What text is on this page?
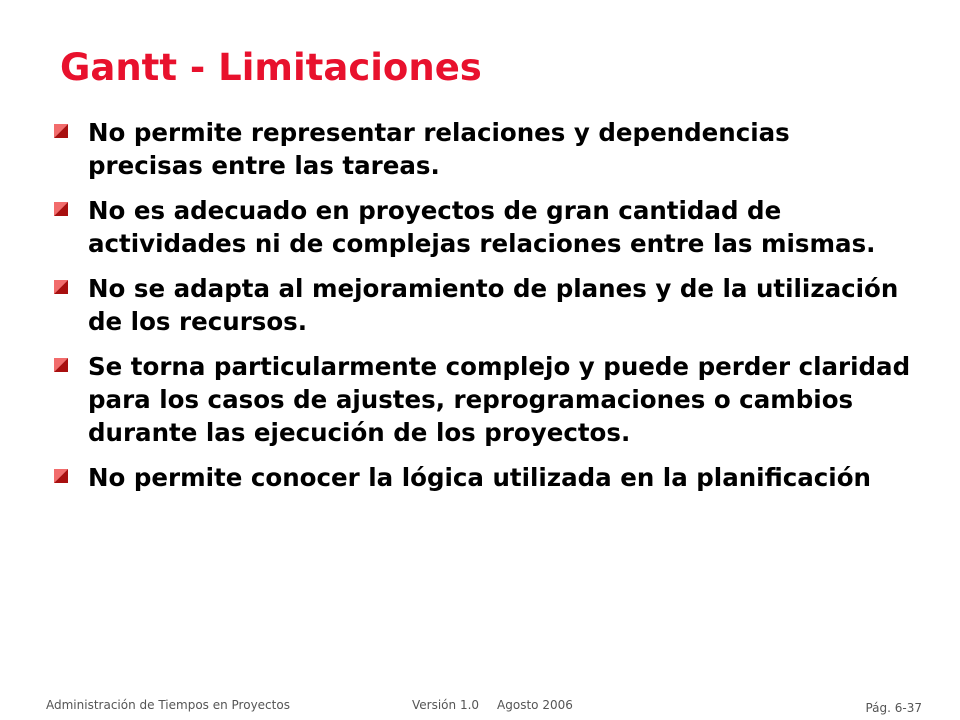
Gantt - Limitaciones
No permite representar relaciones y dependencias precisas entre las tareas.
No es adecuado en proyectos de gran cantidad de actividades ni de complejas relaciones entre las mismas.
No se adapta al mejoramiento de planes y de la utilización de los recursos.
Se torna particularmente complejo y puede perder claridad para los casos de ajustes, reprogramaciones o cambios durante las ejecución de los proyectos.
No permite conocer la lógica utilizada en la planificación
Administración de Tiempos en Proyectos	Versión 1.0 Agosto 2006	Pág. 6-37
